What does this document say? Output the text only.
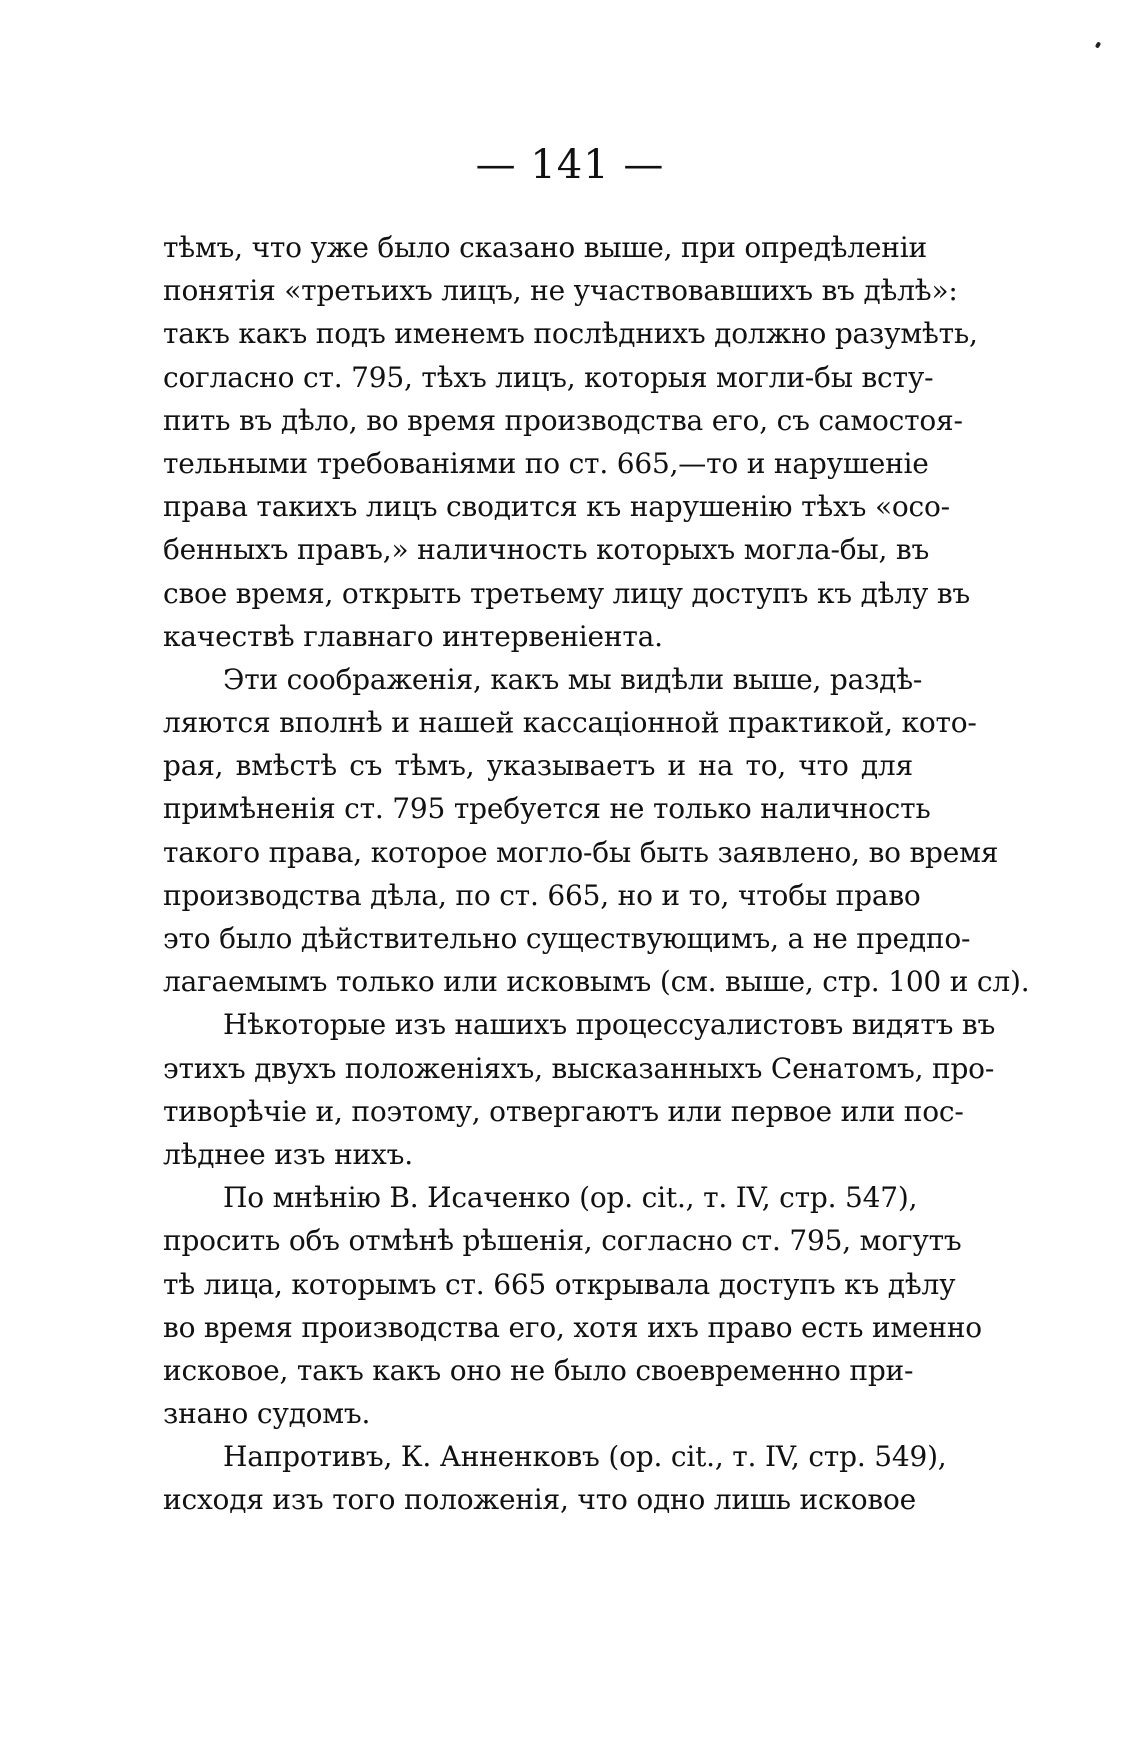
— 141 —
тѣмъ, что уже было сказано выше, при опредѣленіи
понятія «третьихъ лицъ, не участвовавшихъ въ дѣлѣ»:
такъ какъ подъ именемъ послѣднихъ должно разумѣть,
согласно ст. 795, тѣхъ лицъ, которыя могли-бы всту-
пить въ дѣло, во время производства его, съ самостоя-
тельными требованіями по ст. 665,—то и нарушеніе
права такихъ лицъ сводится къ нарушенію тѣхъ «осо-
бенныхъ правъ,» наличность которыхъ могла-бы, въ
свое время, открыть третьему лицу доступъ къ дѣлу въ
качествѣ главнаго интервеніента.
Эти соображенія, какъ мы видѣли выше, раздѣ-
ляются вполнѣ и нашей кассаціонной практикой, кото-
рая, вмѣстѣ съ тѣмъ, указываетъ и на то, что для
примѣненія ст. 795 требуется не только наличность
такого права, которое могло-бы быть заявлено, во время
производства дѣла, по ст. 665, но и то, чтобы право
это было дѣйствительно существующимъ, а не предпо-
лагаемымъ только или исковымъ (см. выше, стр. 100 и сл).
Нѣкоторые изъ нашихъ процессуалистовъ видятъ въ
этихъ двухъ положеніяхъ, высказанныхъ Сенатомъ, про-
тиворѣчіе и, поэтому, отвергаютъ или первое или пос-
лѣднее изъ нихъ.
По мнѣнію В. Исаченко (op. cit., т. IV, стр. 547),
просить объ отмѣнѣ рѣшенія, согласно ст. 795, могутъ
тѣ лица, которымъ ст. 665 открывала доступъ къ дѣлу
во время производства его, хотя ихъ право есть именно
исковое, такъ какъ оно не было своевременно при-
знано судомъ.
Напротивъ, К. Анненковъ (op. cit., т. IV, стр. 549),
исходя изъ того положенія, что одно лишь исковое
